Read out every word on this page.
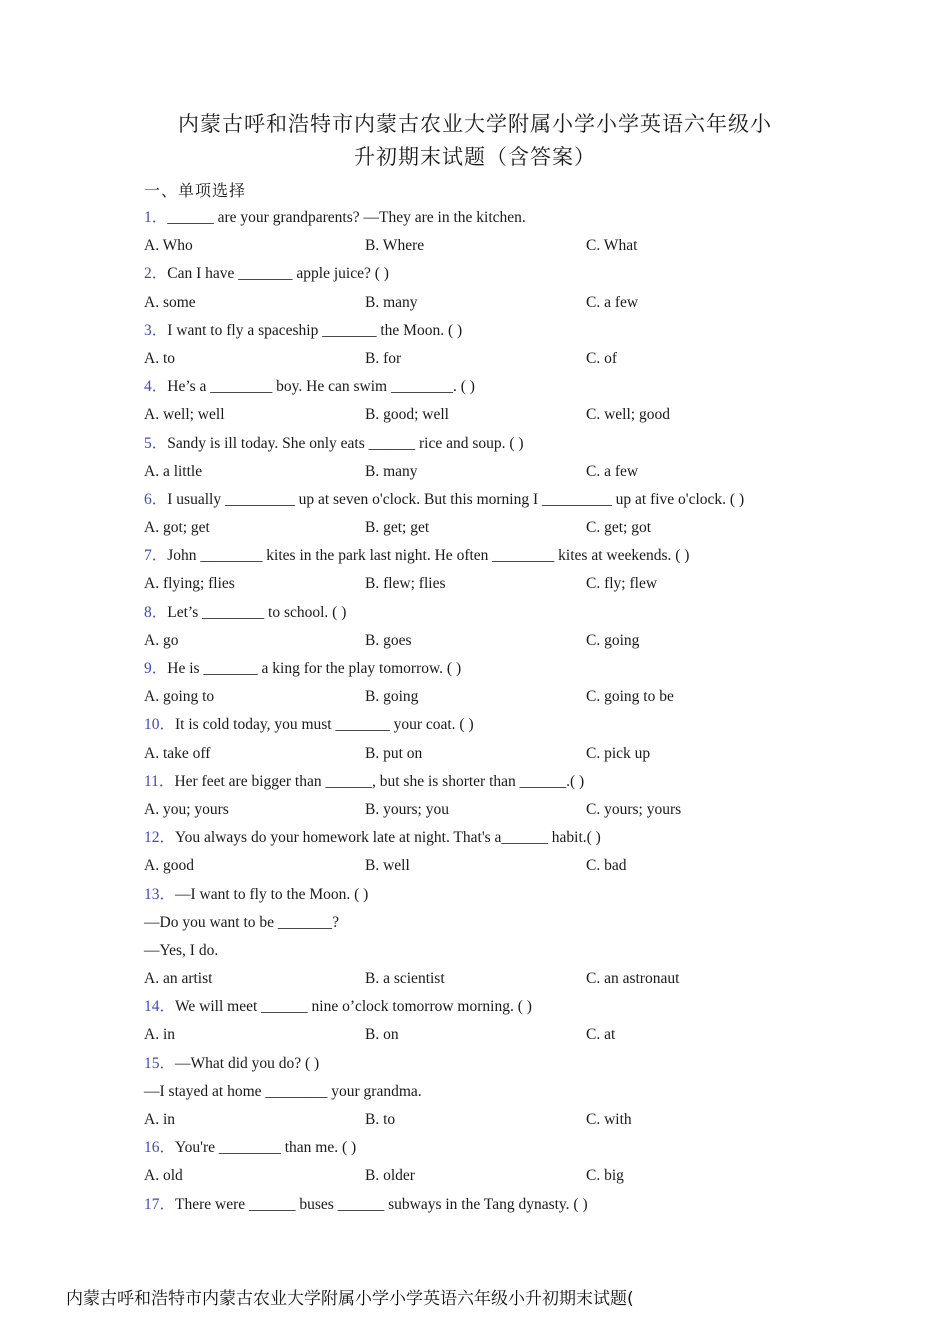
内蒙古呼和浩特市内蒙古农业大学附属小学小学英语六年级小
升初期末试题（含答案）
一、单项选择
1．______ are your grandparents? —They are in the kitchen.
A. Who	B. Where	C. What
2．Can I have _______ apple juice? ( )
A. some	B. many	C. a few
3．I want to fly a spaceship _______ the Moon. ( )
A. to	B. for	C. of
4．He’s a ________ boy. He can swim ________. ( )
A. well; well	B. good; well	C. well; good
5．Sandy is ill today. She only eats ______ rice and soup. ( )
A. a little	B. many	C. a few
6．I usually _________ up at seven o'clock. But this morning I _________ up at five o'clock. ( )
A. got; get	B. get; get	C. get; got
7．John ________ kites in the park last night. He often ________ kites at weekends. ( )
A. flying; flies	B. flew; flies	C. fly; flew
8．Let’s ________ to school. ( )
A. go	B. goes	C. going
9．He is _______ a king for the play tomorrow. ( )
A. going to	B. going	C. going to be
10．It is cold today, you must _______ your coat. ( )
A. take off	B. put on	C. pick up
11．Her feet are bigger than ______, but she is shorter than ______.( )
A. you; yours	B. yours; you	C. yours; yours
12．You always do your homework late at night. That's a______ habit.( )
A. good	B. well	C. bad
13．—I want to fly to the Moon. ( )
—Do you want to be _______?
—Yes, I do.
A. an artist	B. a scientist	C. an astronaut
14．We will meet ______ nine o’clock tomorrow morning. ( )
A. in	B. on	C. at
15．—What did you do? ( )
—I stayed at home ________ your grandma.
A. in	B. to	C. with
16．You're ________ than me. ( )
A. old	B. older	C. big
17．There were ______ buses ______ subways in the Tang dynasty. ( )
内蒙古呼和浩特市内蒙古农业大学附属小学小学英语六年级小升初期末试题(
